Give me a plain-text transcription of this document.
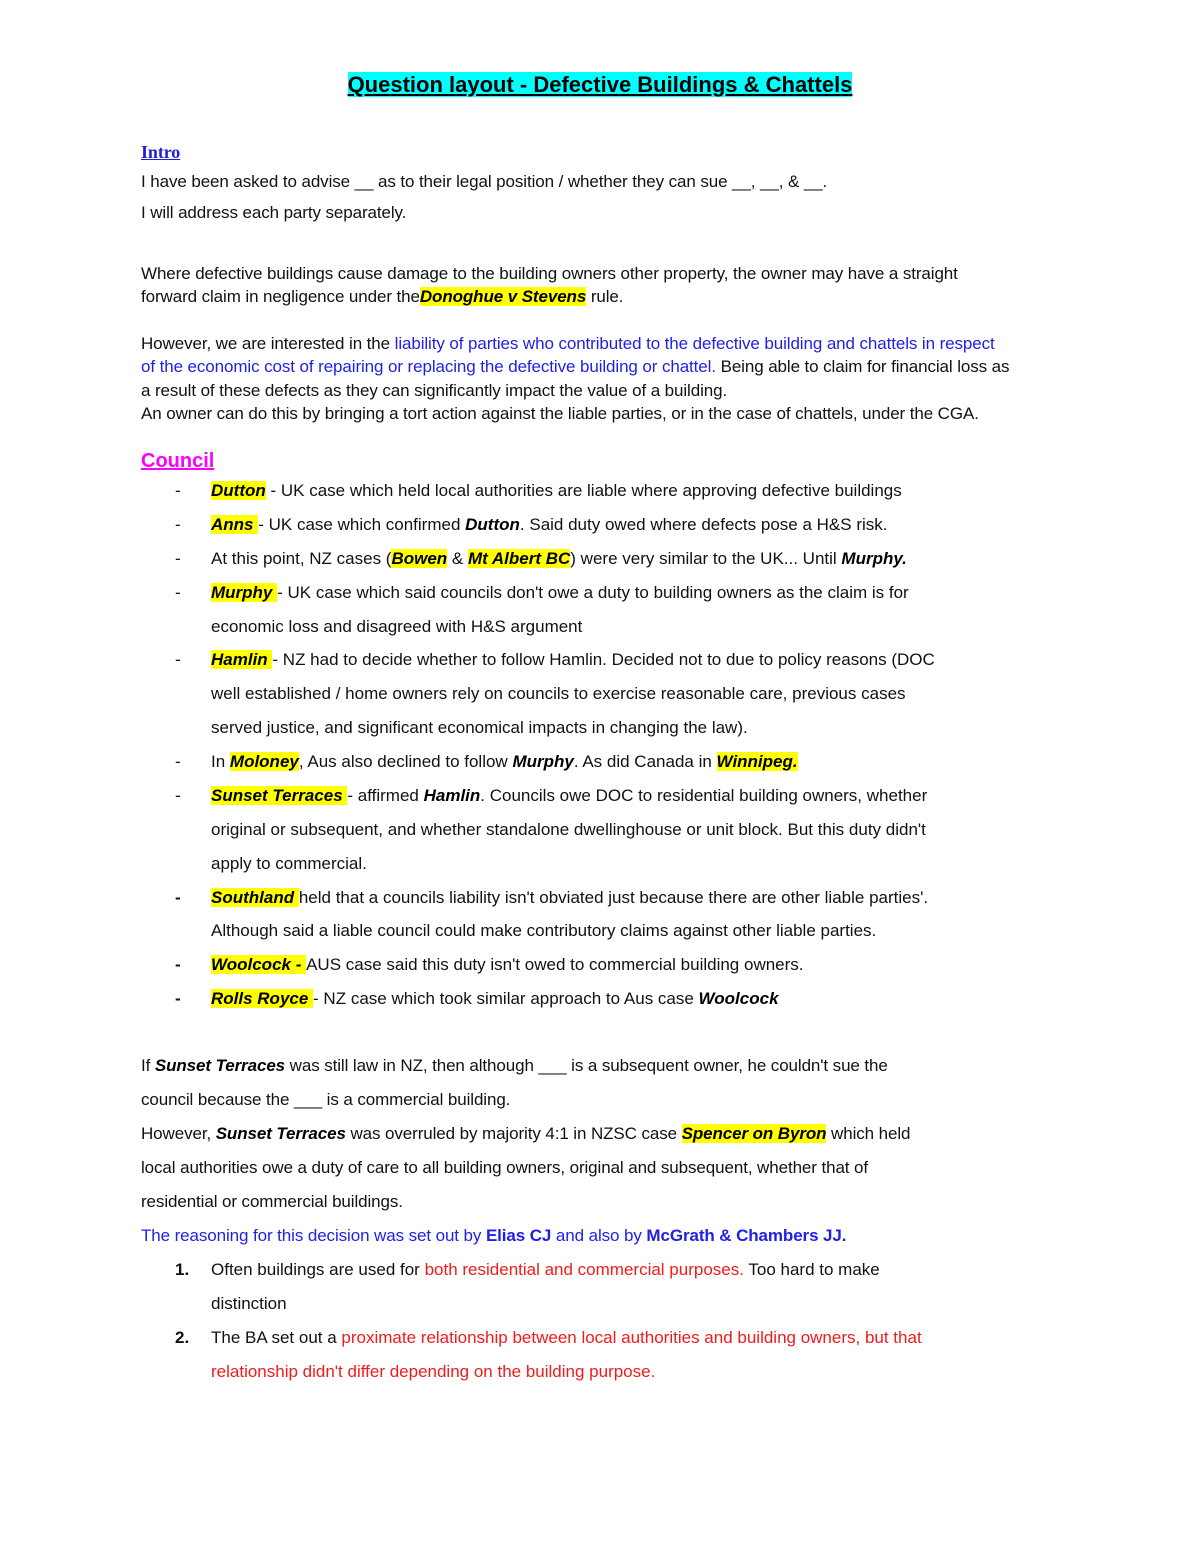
Question layout - Defective Buildings & Chattels

Intro

I have been asked to advise __ as to their legal position / whether they can sue __, __, & __.

I will address each party separately.

Where defective buildings cause damage to the building owners other property, the owner may have a straight

forward claim in negligence under theDonoghue v Stevens rule.

However, we are interested in the liability of parties who contributed to the defective building and chattels in respect

of the economic cost of repairing or replacing the defective building or chattel. Being able to claim for financial loss as

a result of these defects as they can significantly impact the value of a building.

An owner can do this by bringing a tort action against the liable parties, or in the case of chattels, under the CGA.

Council
- Dutton - UK case which held local authorities are liable where approving defective buildings
- Anns - UK case which confirmed Dutton. Said duty owed where defects pose a H&S risk.
- At this point, NZ cases (Bowen & Mt Albert BC) were very similar to the UK... Until Murphy.
- Murphy - UK case which said councils don't owe a duty to building owners as the claim is for
economic loss and disagreed with H&S argument
- Hamlin - NZ had to decide whether to follow Hamlin. Decided not to due to policy reasons (DOC
well established / home owners rely on councils to exercise reasonable care, previous cases
served justice, and significant economical impacts in changing the law).
- In Moloney, Aus also declined to follow Murphy. As did Canada in Winnipeg.
- Sunset Terraces - affirmed Hamlin. Councils owe DOC to residential building owners, whether
original or subsequent, and whether standalone dwellinghouse or unit block. But this duty didn't
apply to commercial.
- Southland held that a councils liability isn't obviated just because there are other liable parties'.
Although said a liable council could make contributory claims against other liable parties.
- Woolcock - AUS case said this duty isn't owed to commercial building owners.
- Rolls Royce - NZ case which took similar approach to Aus case Woolcock

If Sunset Terraces was still law in NZ, then although ___ is a subsequent owner, he couldn't sue the

council because the ___ is a commercial building.

However, Sunset Terraces was overruled by majority 4:1 in NZSC case Spencer on Byron which held

local authorities owe a duty of care to all building owners, original and subsequent, whether that of

residential or commercial buildings.

The reasoning for this decision was set out by Elias CJ and also by McGrath & Chambers JJ.

1. Often buildings are used for both residential and commercial purposes. Too hard to make
distinction
2. The BA set out a proximate relationship between local authorities and building owners, but that
relationship didn't differ depending on the building purpose.
